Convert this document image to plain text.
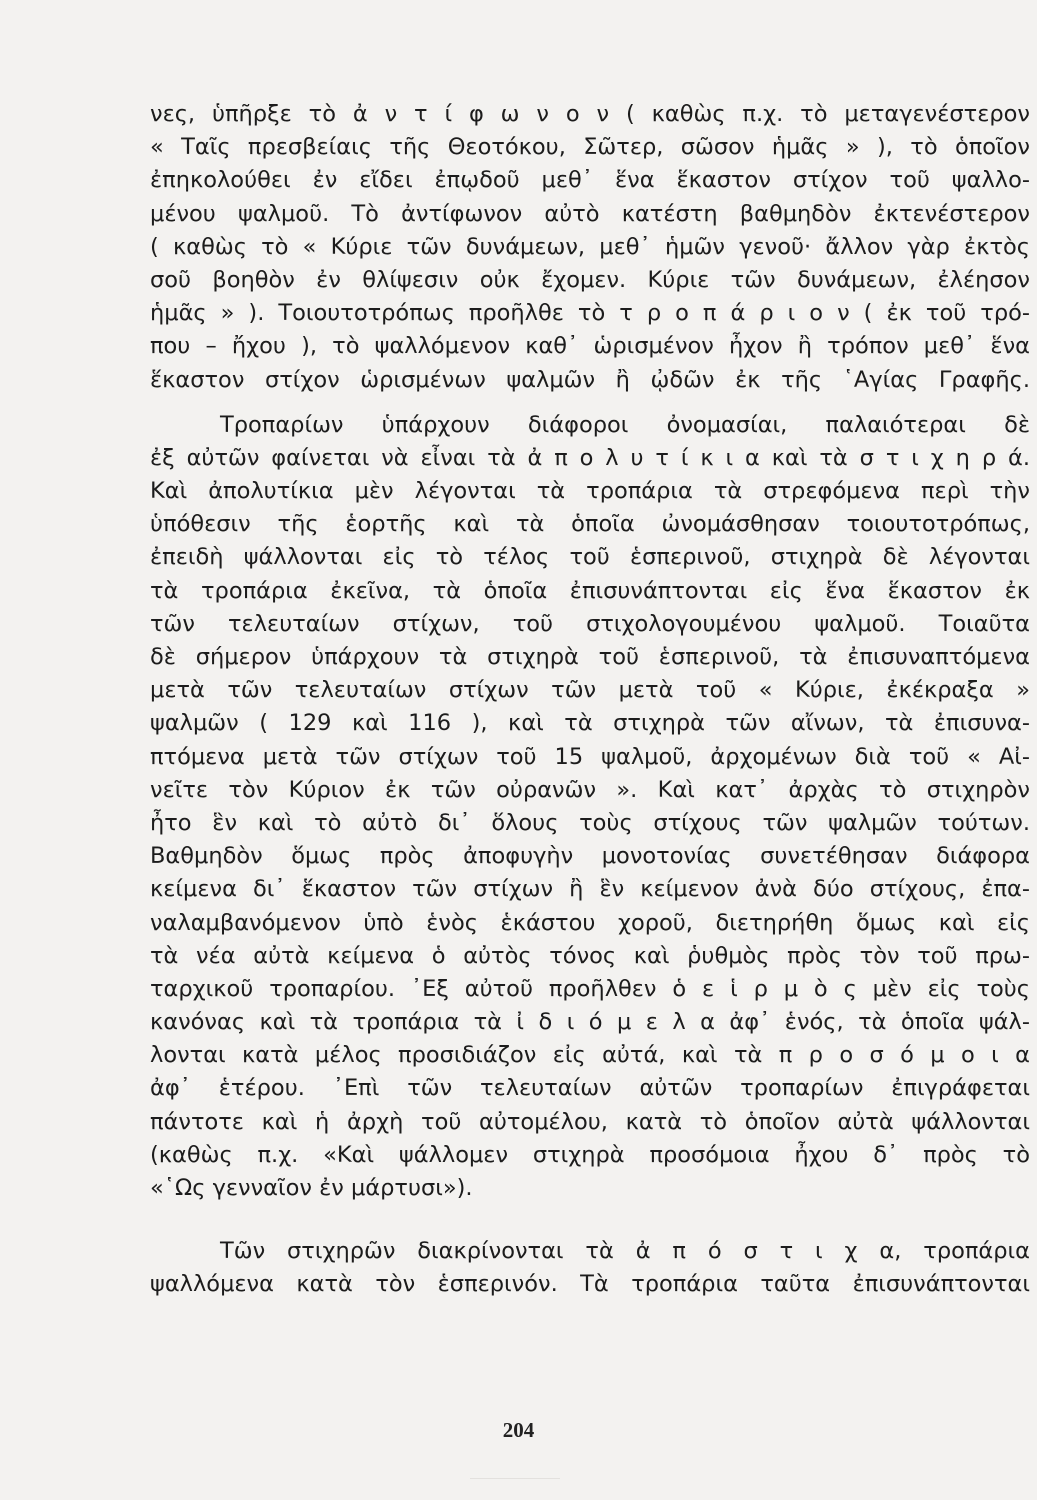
νες, ὑπῆρξε τὸ ἀ ν τ ί φ ω ν ο ν ( καθὼς π.χ. τὸ μεταγενέστερον
« Ταῖς πρεσβείαις τῆς Θεοτόκου, Σῶτερ, σῶσον ἡμᾶς » ), τὸ ὁποῖον
ἐπηκολούθει ἐν εἴδει ἐπῳδοῦ μεθ᾽ ἕνα ἕκαστον στίχον τοῦ ψαλλο-
μένου ψαλμοῦ. Τὸ ἀντίφωνον αὐτὸ κατέστη βαθμηδὸν ἐκτενέστερον
( καθὼς τὸ « Κύριε τῶν δυνάμεων, μεθ᾽ ἡμῶν γενοῦ· ἄλλον γὰρ ἐκτὸς
σοῦ βοηθὸν ἐν θλίψεσιν οὐκ ἔχομεν. Κύριε τῶν δυνάμεων, ἐλέησον
ἡμᾶς » ). Τοιουτοτρόπως προῆλθε τὸ τ ρ ο π ά ρ ι ο ν ( ἐκ τοῦ τρό-
που – ἤχου ), τὸ ψαλλόμενον καθ᾽ ὡρισμένον ἦχον ἢ τρόπον μεθ᾽ ἕνα
ἕκαστον στίχον ὡρισμένων ψαλμῶν ἢ ᾠδῶν ἐκ τῆς ῾Αγίας Γραφῆς.
Τροπαρίων ὑπάρχουν διάφοροι ὀνομασίαι, παλαιότεραι δὲ
ἐξ αὐτῶν φαίνεται νὰ εἶναι τὰ ἀ π ο λ υ τ ί κ ι α καὶ τὰ σ τ ι χ η ρ ά.
Καὶ ἀπολυτίκια μὲν λέγονται τὰ τροπάρια τὰ στρεφόμενα περὶ τὴν
ὑπόθεσιν τῆς ἑορτῆς καὶ τὰ ὁποῖα ὠνομάσθησαν τοιουτοτρόπως,
ἐπειδὴ ψάλλονται εἰς τὸ τέλος τοῦ ἑσπερινοῦ, στιχηρὰ δὲ λέγονται
τὰ τροπάρια ἐκεῖνα, τὰ ὁποῖα ἐπισυνάπτονται εἰς ἕνα ἕκαστον ἐκ
τῶν τελευταίων στίχων, τοῦ στιχολογουμένου ψαλμοῦ. Τοιαῦτα
δὲ σήμερον ὑπάρχουν τὰ στιχηρὰ τοῦ ἑσπερινοῦ, τὰ ἐπισυναπτόμενα
μετὰ τῶν τελευταίων στίχων τῶν μετὰ τοῦ « Κύριε, ἐκέκραξα »
ψαλμῶν ( 129 καὶ 116 ), καὶ τὰ στιχηρὰ τῶν αἴνων, τὰ ἐπισυνα-
πτόμενα μετὰ τῶν στίχων τοῦ 15 ψαλμοῦ, ἀρχομένων διὰ τοῦ « Αἰ-
νεῖτε τὸν Κύριον ἐκ τῶν οὐρανῶν ». Καὶ κατ᾽ ἀρχὰς τὸ στιχηρὸν
ἦτο ἓν καὶ τὸ αὐτὸ δι᾽ ὅλους τοὺς στίχους τῶν ψαλμῶν τούτων.
Βαθμηδὸν ὅμως πρὸς ἀποφυγὴν μονοτονίας συνετέθησαν διάφορα
κείμενα δι᾽ ἕκαστον τῶν στίχων ἢ ἓν κείμενον ἀνὰ δύο στίχους, ἐπα-
ναλαμβανόμενον ὑπὸ ἑνὸς ἑκάστου χοροῦ, διετηρήθη ὅμως καὶ εἰς
τὰ νέα αὐτὰ κείμενα ὁ αὐτὸς τόνος καὶ ῥυθμὸς πρὸς τὸν τοῦ πρω-
ταρχικοῦ τροπαρίου. ᾽Εξ αὐτοῦ προῆλθεν ὁ ε ἱ ρ μ ὸ ς μὲν εἰς τοὺς
κανόνας καὶ τὰ τροπάρια τὰ ἰ δ ι ό μ ε λ α ἀφ᾽ ἑνός, τὰ ὁποῖα ψάλ-
λονται κατὰ μέλος προσιδιάζον εἰς αὐτά, καὶ τὰ π ρ ο σ ό μ ο ι α
ἀφ᾽ ἑτέρου. ᾽Επὶ τῶν τελευταίων αὐτῶν τροπαρίων ἐπιγράφεται
πάντοτε καὶ ἡ ἀρχὴ τοῦ αὐτομέλου, κατὰ τὸ ὁποῖον αὐτὰ ψάλλονται
(καθὼς π.χ. «Καὶ ψάλλομεν στιχηρὰ προσόμοια ἦχου δ᾽ πρὸς τὸ
«῾Ως γενναῖον ἐν μάρτυσι»).
Τῶν στιχηρῶν διακρίνονται τὰ ἀ π ό σ τ ι χ α, τροπάρια
ψαλλόμενα κατὰ τὸν ἑσπερινόν. Τὰ τροπάρια ταῦτα ἐπισυνάπτονται
204
